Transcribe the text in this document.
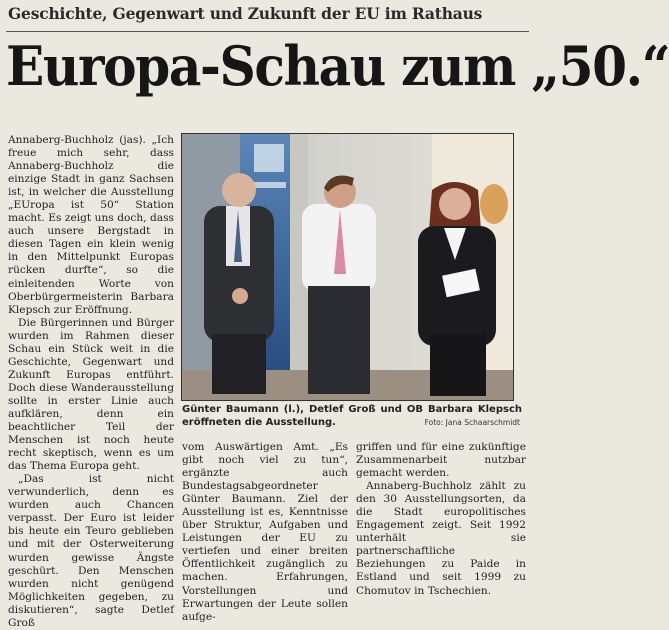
Geschichte, Gegenwart und Zukunft der EU im Rathaus
Europa-Schau zum „50.“

Annaberg-Buchholz (jas). „Ich freue mich sehr, dass Annaberg-Buchholz die einzige Stadt in ganz Sachsen ist, in welcher die Ausstellung „EUropa ist 50“ Station macht. Es zeigt uns doch, dass auch unsere Bergstadt in diesen Tagen ein klein wenig in den Mittelpunkt Europas rücken durfte“, so die einleitenden Worte von Oberbürgermeisterin Barbara Klepsch zur Eröffnung.

Die Bürgerinnen und Bürger wurden im Rahmen dieser Schau ein Stück weit in die Geschichte, Gegenwart und Zukunft Europas entführt. Doch diese Wanderausstellung sollte in erster Linie auch aufklären, denn ein beachtlicher Teil der Menschen ist noch heute recht skeptisch, wenn es um das Thema Europa geht.

„Das ist nicht verwunderlich, denn es wurden auch Chancen verpasst. Der Euro ist leider bis heute ein Teuro geblieben und mit der Osterweiterung wurden gewisse Ängste geschürt. Den Menschen wurden nicht genügend Möglichkeiten gegeben, zu diskutieren“, sagte Detlef Groß

Günter Baumann (l.), Detlef Groß und OB Barbara Klepsch eröffneten die Ausstellung.	Foto: Jana Schaarschmidt

vom Auswärtigen Amt. „Es gibt noch viel zu tun“, ergänzte auch Bundestagsabgeordneter Günter Baumann. Ziel der Ausstellung ist es, Kenntnisse über Struktur, Aufgaben und Leistungen der EU zu vertiefen und einer breiten Öffentlichkeit zugänglich zu machen. Erfahrungen, Vorstellungen und Erwartungen der Leute sollen aufge-

griffen und für eine zukünftige Zusammenarbeit nutzbar gemacht werden.

Annaberg-Buchholz zählt zu den 30 Ausstellungsorten, da die Stadt europolitisches Engagement zeigt. Seit 1992 unterhält sie partnerschaftliche Beziehungen zu Paide in Estland und seit 1999 zu Chomutov in Tschechien.
